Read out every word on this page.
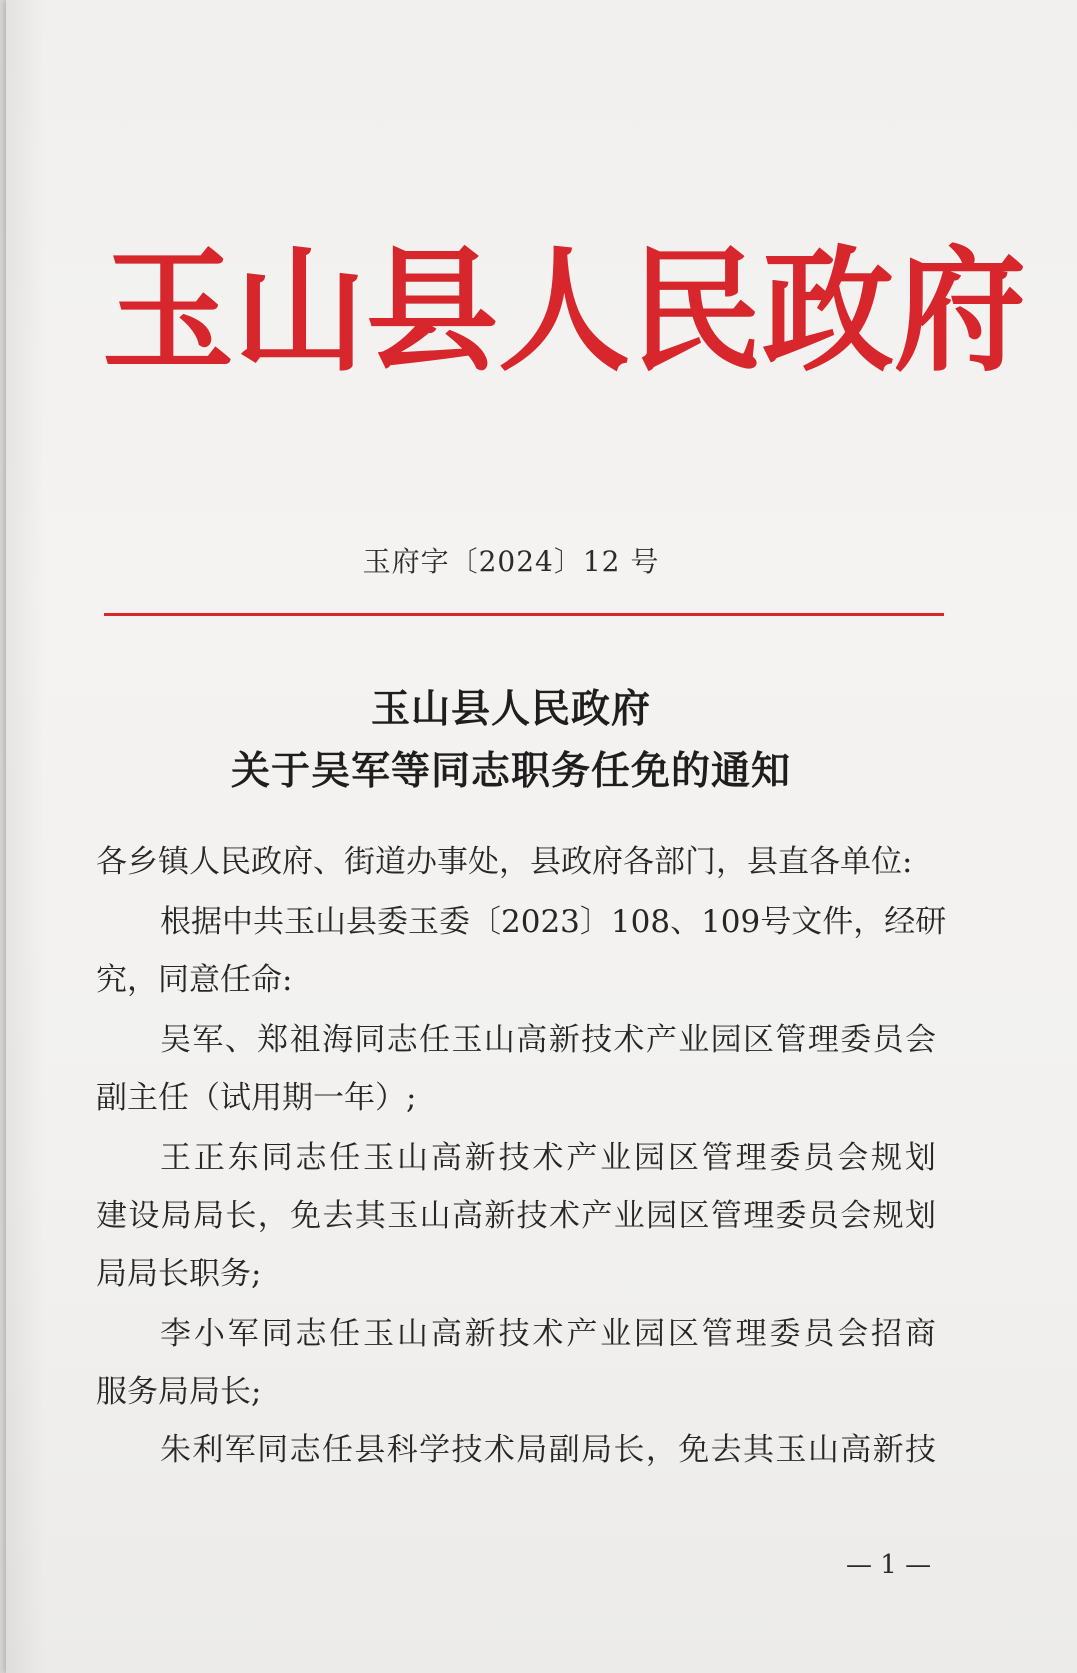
玉 山 县 人 民 政 府
玉府字〔2024〕12 号
玉山县人民政府
关于吴军等同志职务任免的通知
各乡镇人民政府、街道办事处，县政府各部门，县直各单位:
根 据 中 共 玉 山 县 委 玉 委 〔 2023 〕 108 、 109 号 文 件 ， 经 研
究，同意任命:
吴 军 、 郑 祖 海 同 志 任 玉 山 高 新 技 术 产 业 园 区 管 理 委 员 会
副主任（试用期一年）;
王 正 东 同 志 任 玉 山 高 新 技 术 产 业 园 区 管 理 委 员 会 规 划
建 设 局 局 长 ， 免 去 其 玉 山 高 新 技 术 产 业 园 区 管 理 委 员 会 规 划
局局长职务;
李 小 军 同 志 任 玉 山 高 新 技 术 产 业 园 区 管 理 委 员 会 招 商
服务局局长;
朱 利 军 同 志 任 县 科 学 技 术 局 副 局 长 ， 免 去 其 玉 山 高 新 技
— 1 —
